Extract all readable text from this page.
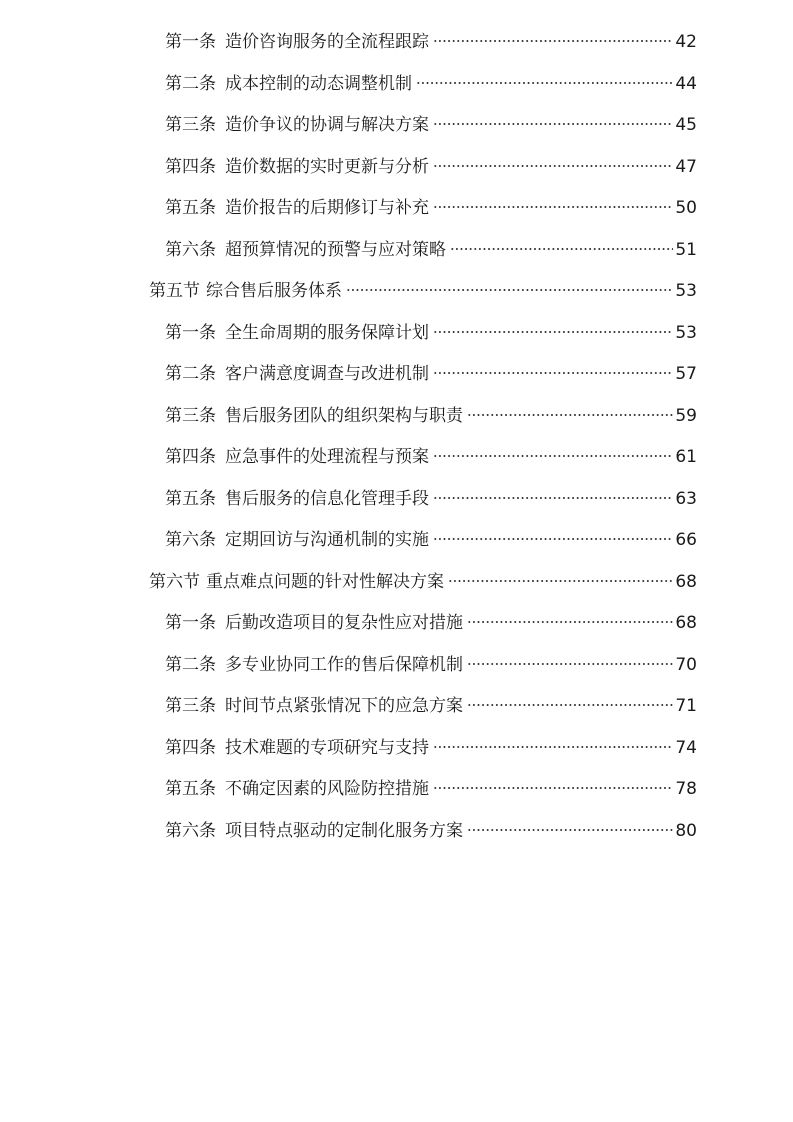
第一条 造价咨询服务的全流程跟踪	42
第二条 成本控制的动态调整机制	44
第三条 造价争议的协调与解决方案	45
第四条 造价数据的实时更新与分析	47
第五条 造价报告的后期修订与补充	50
第六条 超预算情况的预警与应对策略	51
第五节 综合售后服务体系	53
第一条 全生命周期的服务保障计划	53
第二条 客户满意度调查与改进机制	57
第三条 售后服务团队的组织架构与职责	59
第四条 应急事件的处理流程与预案	61
第五条 售后服务的信息化管理手段	63
第六条 定期回访与沟通机制的实施	66
第六节 重点难点问题的针对性解决方案	68
第一条 后勤改造项目的复杂性应对措施	68
第二条 多专业协同工作的售后保障机制	70
第三条 时间节点紧张情况下的应急方案	71
第四条 技术难题的专项研究与支持	74
第五条 不确定因素的风险防控措施	78
第六条 项目特点驱动的定制化服务方案	80
